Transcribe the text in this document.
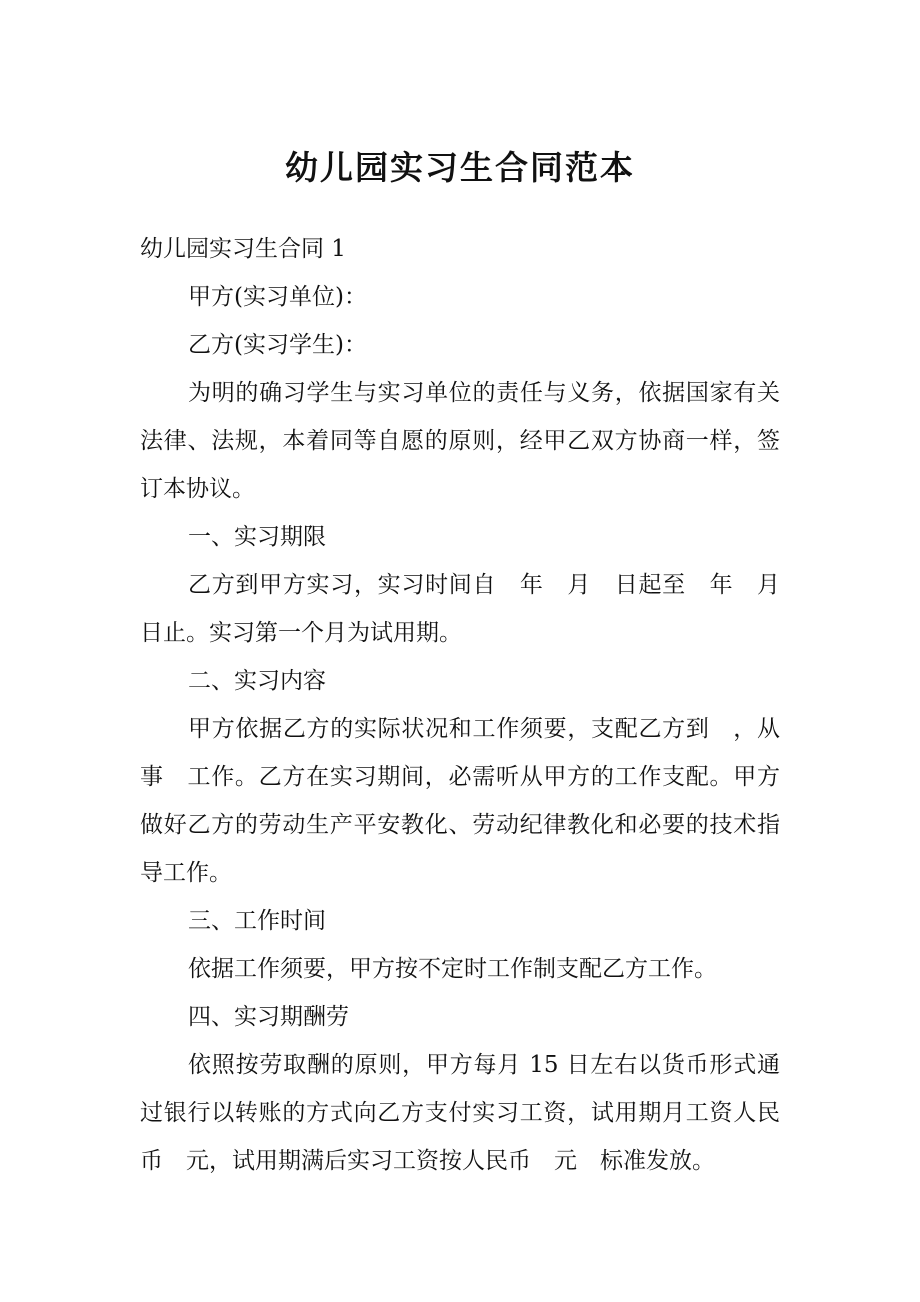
幼儿园实习生合同范本

幼儿园实习生合同 1

甲方(实习单位)：

乙方(实习学生)：

为明的确习学生与实习单位的责任与义务，依据国家有关法律、法规，本着同等自愿的原则，经甲乙双方协商一样，签订本协议。

一、实习期限

乙方到甲方实习，实习时间自　年　月　日起至　年　月　日止。实习第一个月为试用期。

二、实习内容

甲方依据乙方的实际状况和工作须要，支配乙方到　，从事　工作。乙方在实习期间，必需听从甲方的工作支配。甲方做好乙方的劳动生产平安教化、劳动纪律教化和必要的技术指导工作。

三、工作时间

依据工作须要，甲方按不定时工作制支配乙方工作。

四、实习期酬劳

依照按劳取酬的原则，甲方每月 15 日左右以货币形式通过银行以转账的方式向乙方支付实习工资，试用期月工资人民币　元，试用期满后实习工资按人民币　元　标准发放。
